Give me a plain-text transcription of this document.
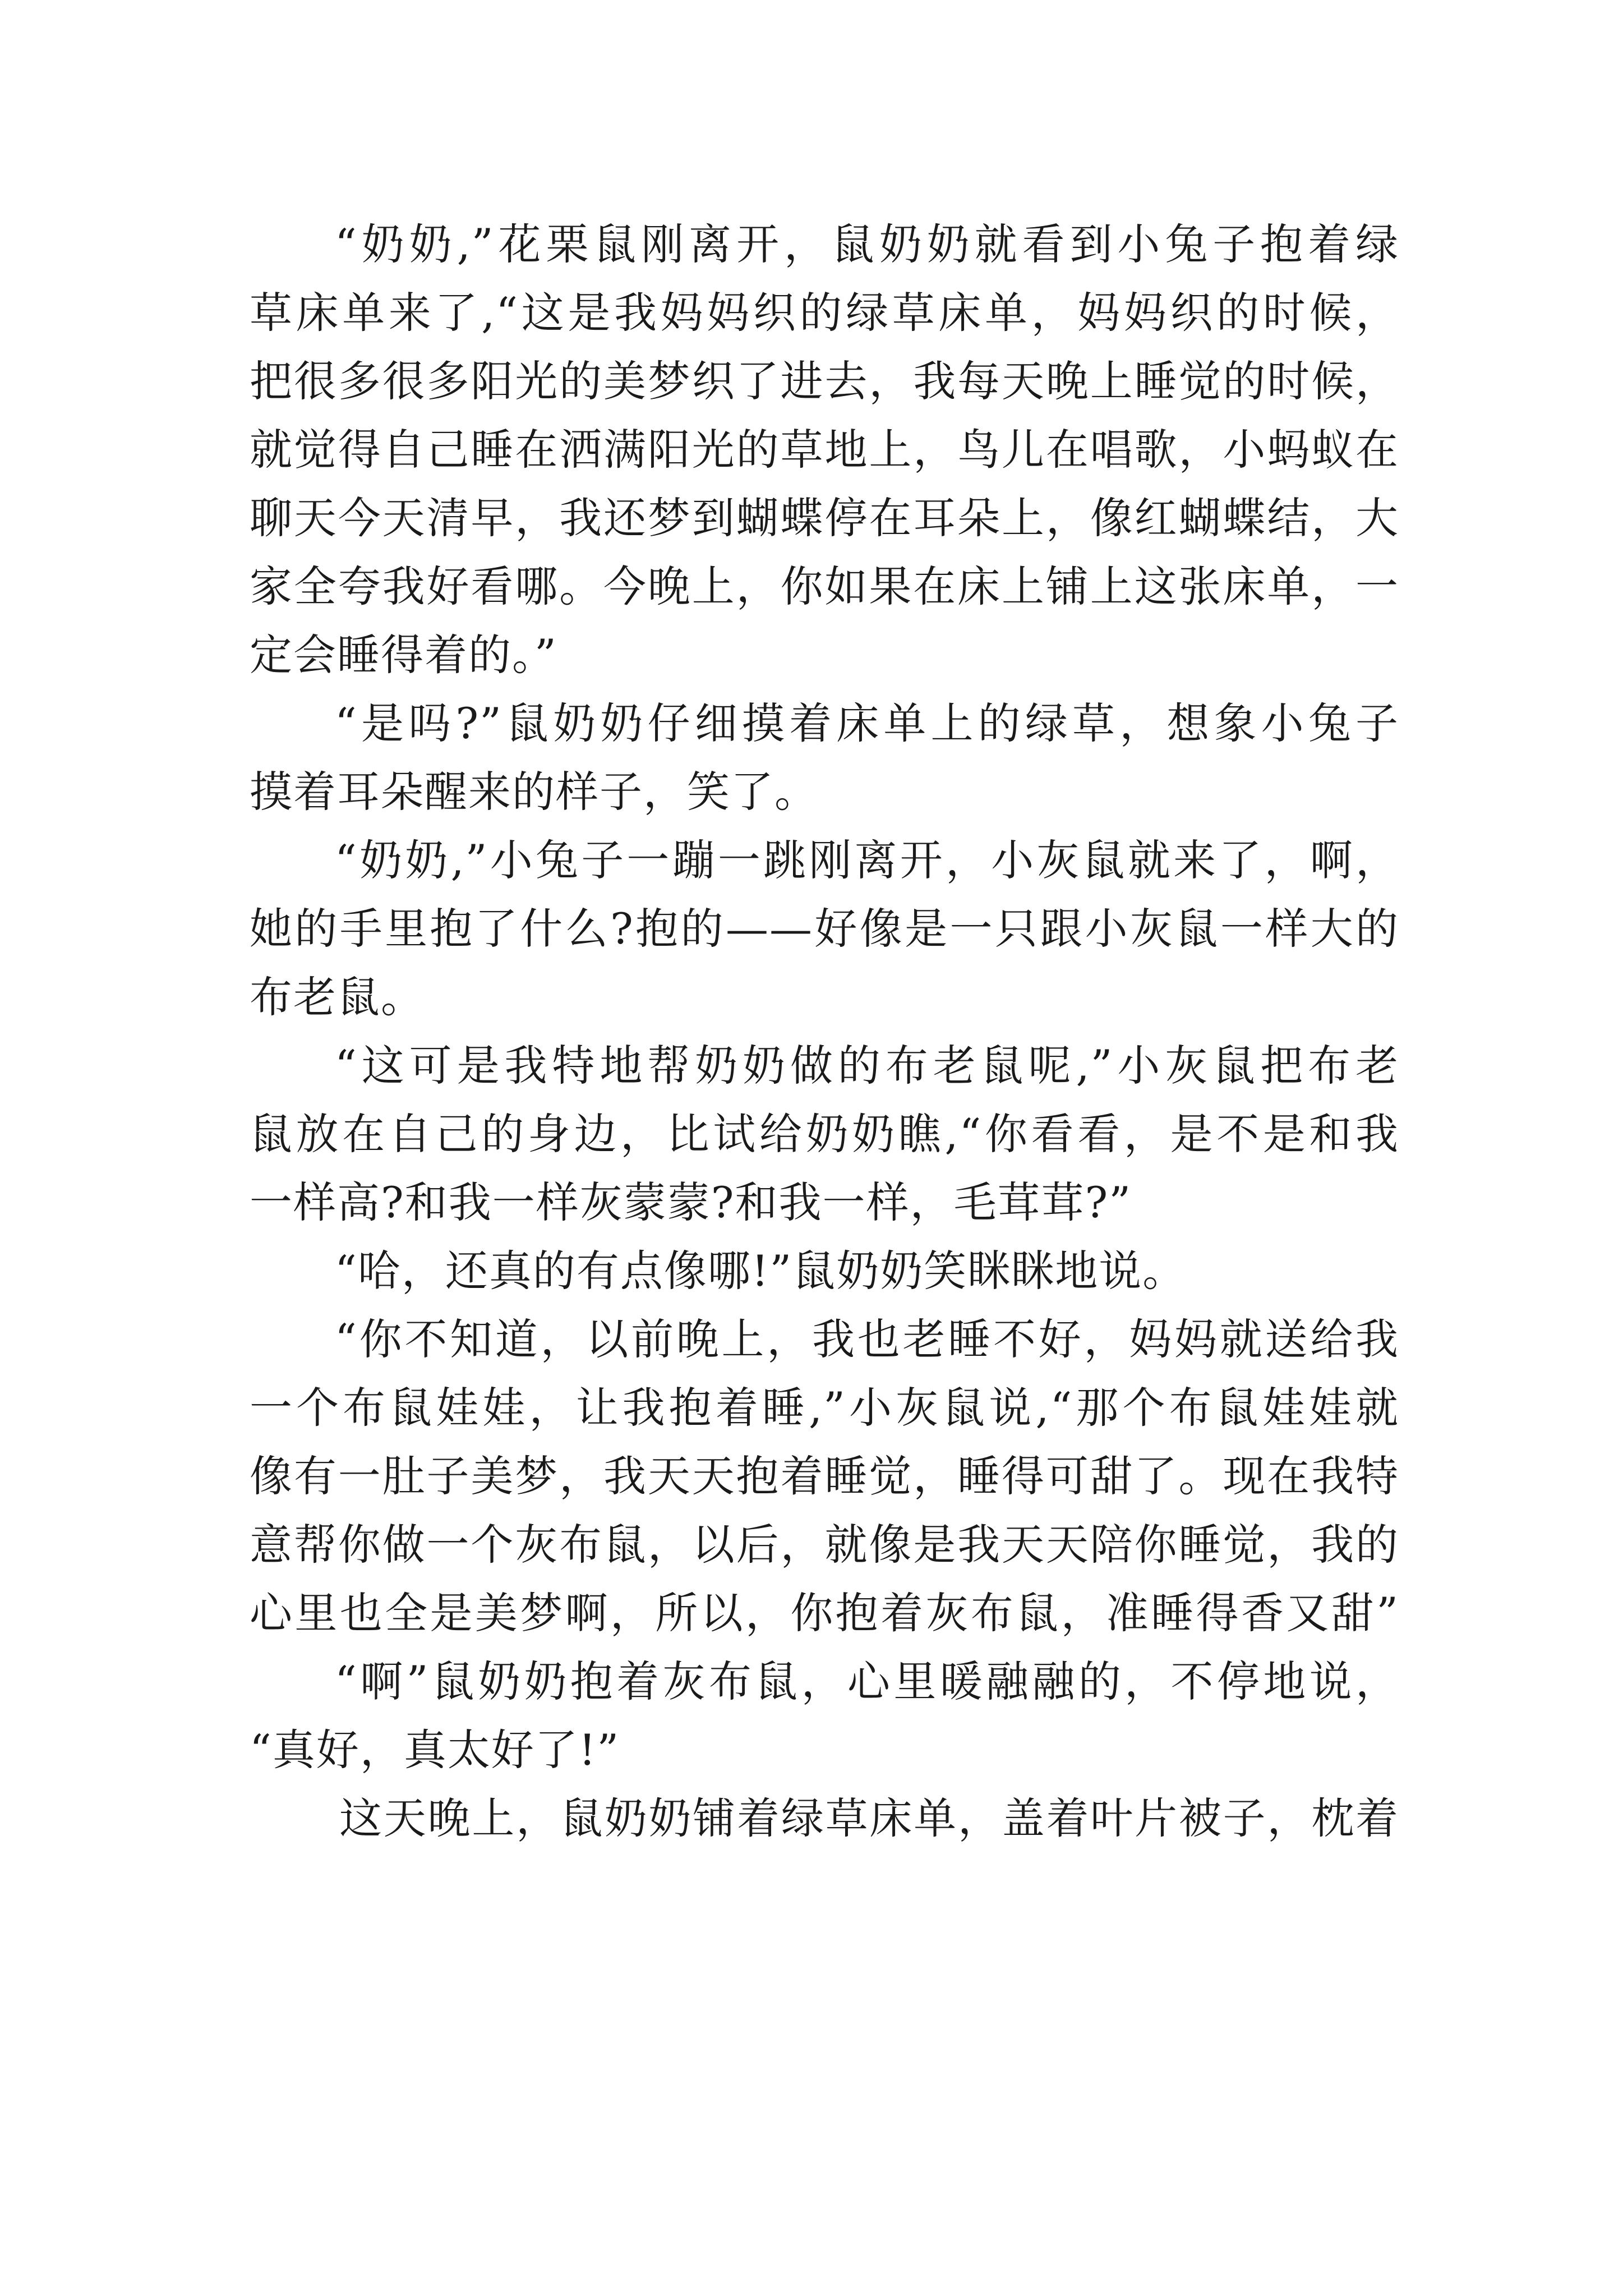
“奶奶,”花栗鼠刚离开，鼠奶奶就看到小兔子抱着绿
草床单来了,“这是我妈妈织的绿草床单，妈妈织的时候，
把很多很多阳光的美梦织了进去，我每天晚上睡觉的时候，
就觉得自己睡在洒满阳光的草地上，鸟儿在唱歌，小蚂蚁在
聊天今天清早，我还梦到蝴蝶停在耳朵上，像红蝴蝶结，大
家全夸我好看哪。今晚上，你如果在床上铺上这张床单，一
定会睡得着的。”
“是吗?”鼠奶奶仔细摸着床单上的绿草，想象小兔子
摸着耳朵醒来的样子，笑了。
“奶奶,”小兔子一蹦一跳刚离开，小灰鼠就来了，啊，
她的手里抱了什么?抱的——好像是一只跟小灰鼠一样大的
布老鼠。
“这可是我特地帮奶奶做的布老鼠呢,”小灰鼠把布老
鼠放在自己的身边，比试给奶奶瞧,“你看看，是不是和我
一样高?和我一样灰蒙蒙?和我一样，毛茸茸?”
“哈，还真的有点像哪!”鼠奶奶笑眯眯地说。
“你不知道，以前晚上，我也老睡不好，妈妈就送给我
一个布鼠娃娃，让我抱着睡,”小灰鼠说,“那个布鼠娃娃就
像有一肚子美梦，我天天抱着睡觉，睡得可甜了。现在我特
意帮你做一个灰布鼠，以后，就像是我天天陪你睡觉，我的
心里也全是美梦啊，所以，你抱着灰布鼠，准睡得香又甜”
“啊”鼠奶奶抱着灰布鼠，心里暖融融的，不停地说，
“真好，真太好了!”
这天晚上，鼠奶奶铺着绿草床单，盖着叶片被子，枕着
